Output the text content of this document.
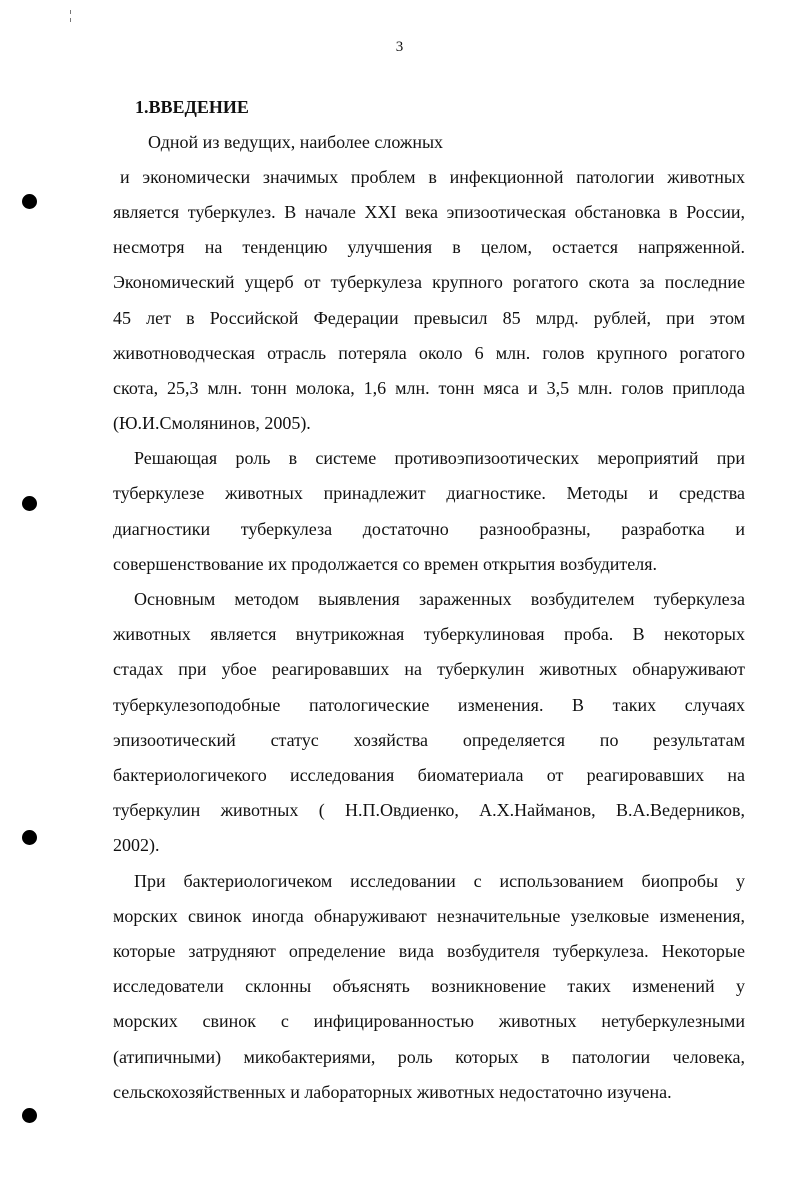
3
1.ВВЕДЕНИЕ

Одной из ведущих, наиболее сложных

и экономически значимых проблем в инфекционной патологии животных

является туберкулез. В начале XXI века эпизоотическая обстановка в России,

несмотря на тенденцию улучшения в целом, остается напряженной.

Экономический ущерб от туберкулеза крупного рогатого скота за последние

45 лет в Российской Федерации превысил 85 млрд. рублей, при этом

животноводческая отрасль потеряла около 6 млн. голов крупного рогатого

скота, 25,3 млн. тонн молока, 1,6 млн. тонн мяса и 3,5 млн. голов приплода

(Ю.И.Смолянинов, 2005).

Решающая роль в системе противоэпизоотических мероприятий при

туберкулезе животных принадлежит диагностике. Методы и средства

диагностики туберкулеза достаточно разнообразны, разработка и

совершенствование их продолжается со времен открытия возбудителя.

Основным методом выявления зараженных возбудителем туберкулеза

животных является внутрикожная туберкулиновая проба. В некоторых

стадах при убое реагировавших на туберкулин животных обнаруживают

туберкулезоподобные патологические изменения. В таких случаях

эпизоотический статус хозяйства определяется по результатам

бактериологичекого исследования биоматериала от реагировавших на

туберкулин животных ( Н.П.Овдиенко, А.Х.Найманов, В.А.Ведерников,

2002).

При бактериологичеком исследовании с использованием биопробы у

морских свинок иногда обнаруживают незначительные узелковые изменения,

которые затрудняют определение вида возбудителя туберкулеза. Некоторые

исследователи склонны объяснять возникновение таких изменений у

морских свинок с инфицированностью животных нетуберкулезными

(атипичными) микобактериями, роль которых в патологии человека,

сельскохозяйственных и лабораторных животных недостаточно изучена.
